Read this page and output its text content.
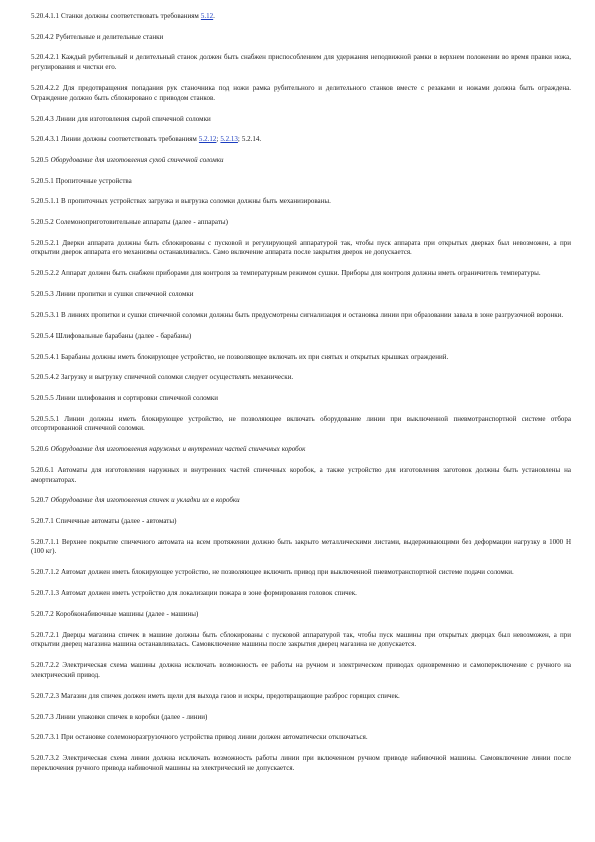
5.20.4.1.1 Станки должны соответствовать требованиям 5.12.

5.20.4.2 Рубительные и делительные станки

5.20.4.2.1 Каждый рубительный и делительный станок должен быть снабжен приспособлением для удержания неподвижной рамки в верхнем положении во время правки ножа, регулирования и чистки его.

5.20.4.2.2 Для предотвращения попадания рук станочника под ножи рамка рубительного и делительного станков вместе с резаками и ножами должна быть ограждена. Ограждение должно быть сблокировано с приводом станков.

5.20.4.3 Линии для изготовления сырой спичечной соломки

5.20.4.3.1 Линии должны соответствовать требованиям 5.2.12; 5.2.13; 5.2.14.

5.20.5 Оборудование для изготовления сухой спичечной соломки

5.20.5.1 Пропиточные устройства

5.20.5.1.1 В пропиточных устройствах загрузка и выгрузка соломки должны быть механизированы.

5.20.5.2 Солемоноприготовительные аппараты (далее - аппараты)

5.20.5.2.1 Дверки аппарата должны быть сблокированы с пусковой и регулирующей аппаратурой так, чтобы пуск аппарата при открытых дверках был невозможен, а при открытии дверок аппарата его механизмы останавливались. Само включение аппарата после закрытия дверок не допускается.

5.20.5.2.2 Аппарат должен быть снабжен приборами для контроля за температурным режимом сушки. Приборы для контроля должны иметь ограничитель температуры.

5.20.5.3 Линии пропитки и сушки спичечной соломки

5.20.5.3.1 В линиях пропитки и сушки спичечной соломки должны быть предусмотрены сигнализация и остановка линии при образовании завала в зоне разгрузочной воронки.

5.20.5.4 Шлифовальные барабаны (далее - барабаны)

5.20.5.4.1 Барабаны должны иметь блокирующее устройство, не позволяющее включать их при снятых и открытых крышках ограждений.

5.20.5.4.2 Загрузку и выгрузку спичечной соломки следует осуществлять механически.

5.20.5.5 Линии шлифования и сортировки спичечной соломки

5.20.5.5.1 Линии должны иметь блокирующее устройство, не позволяющее включать оборудование линии при выключенной пневмотранспортной системе отбора отсортированной спичечной соломки.

5.20.6 Оборудование для изготовления наружных и внутренних частей спичечных коробок

5.20.6.1 Автоматы для изготовления наружных и внутренних частей спичечных коробок, а также устройство для изготовления заготовок должны быть установлены на амортизаторах.

5.20.7 Оборудование для изготовления спичек и укладки их в коробки

5.20.7.1 Спичечные автоматы (далее - автоматы)

5.20.7.1.1 Верхнее покрытие спичечного автомата на всем протяжении должно быть закрыто металлическими листами, выдерживающими без деформации нагрузку в 1000 Н (100 кг).

5.20.7.1.2 Автомат должен иметь блокирующее устройство, не позволяющее включить привод при выключенной пневмотранспортной системе подачи соломки.

5.20.7.1.3 Автомат должен иметь устройство для локализации пожара в зоне формирования головок спичек.

5.20.7.2 Коробконабивочные машины (далее - машины)

5.20.7.2.1 Дверцы магазина спичек в машине должны быть сблокированы с пусковой аппаратурой так, чтобы пуск машины при открытых дверцах был невозможен, а при открытии дверец магазина машина останавливалась. Самовключение машины после закрытия дверец магазина не допускается.

5.20.7.2.2 Электрическая схема машины должна исключать возможность ее работы на ручном и электрическом приводах одновременно и самопереключение с ручного на электрический привод.

5.20.7.2.3 Магазин для спичек должен иметь щели для выхода газов и искры, предотвращающие разброс горящих спичек.

5.20.7.3 Линии упаковки спичек в коробки (далее - линии)

5.20.7.3.1 При остановке солемоноразгрузочного устройства привод линии должен автоматически отключаться.

5.20.7.3.2 Электрическая схема линии должна исключать возможность работы линии при включенном ручном приводе набивочной машины. Самовключение линии после переключения ручного привода набивочной машины на электрический не допускается.
